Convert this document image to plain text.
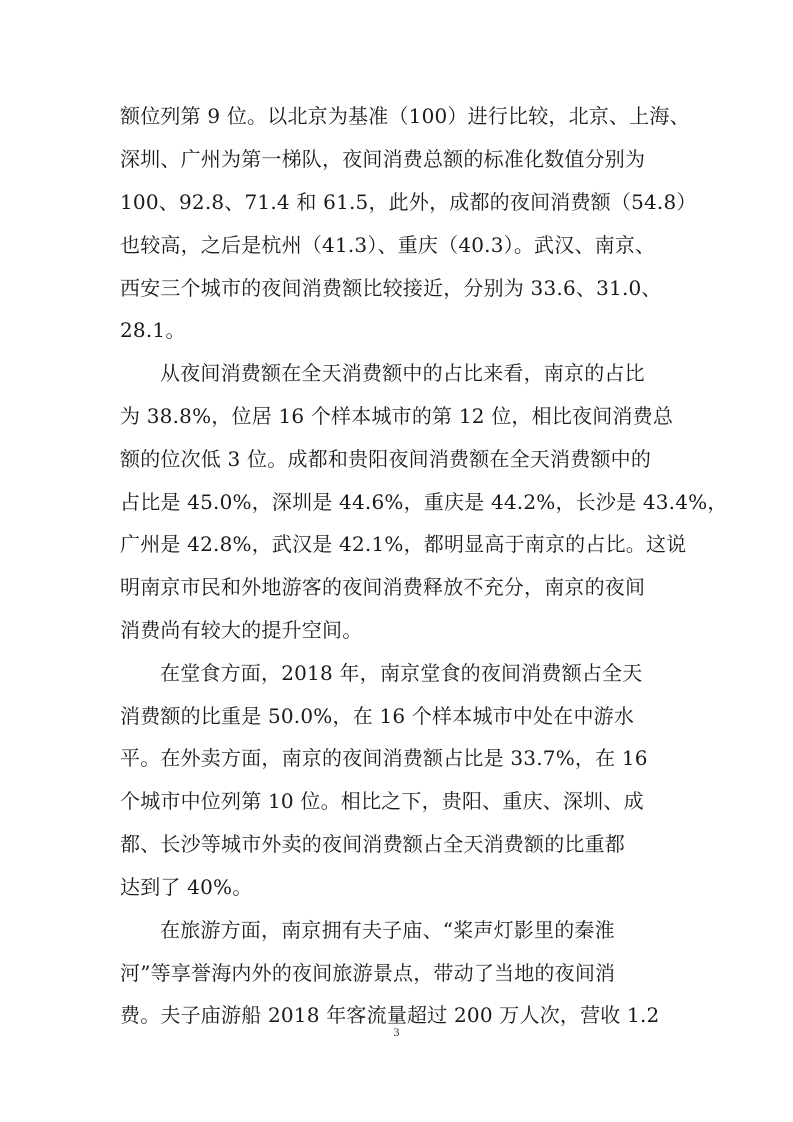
额位列第 9 位。以北京为基准（100）进行比较，北京、上海、
深圳、广州为第一梯队，夜间消费总额的标准化数值分别为
100、92.8、71.4 和 61.5，此外，成都的夜间消费额（54.8）
也较高，之后是杭州（41.3）、重庆（40.3）。武汉、南京、
西安三个城市的夜间消费额比较接近，分别为 33.6、31.0、
28.1。
从夜间消费额在全天消费额中的占比来看，南京的占比
为 38.8%，位居 16 个样本城市的第 12 位，相比夜间消费总
额的位次低 3 位。成都和贵阳夜间消费额在全天消费额中的
占比是 45.0%，深圳是 44.6%，重庆是 44.2%，长沙是 43.4%，
广州是 42.8%，武汉是 42.1%，都明显高于南京的占比。这说
明南京市民和外地游客的夜间消费释放不充分，南京的夜间
消费尚有较大的提升空间。
在堂食方面，2018 年，南京堂食的夜间消费额占全天
消费额的比重是 50.0%，在 16 个样本城市中处在中游水
平。在外卖方面，南京的夜间消费额占比是 33.7%，在 16
个城市中位列第 10 位。相比之下，贵阳、重庆、深圳、成
都、长沙等城市外卖的夜间消费额占全天消费额的比重都
达到了 40%。
在旅游方面，南京拥有夫子庙、“桨声灯影里的秦淮
河”等享誉海内外的夜间旅游景点，带动了当地的夜间消
费。夫子庙游船 2018 年客流量超过 200 万人次，营收 1.2
3
